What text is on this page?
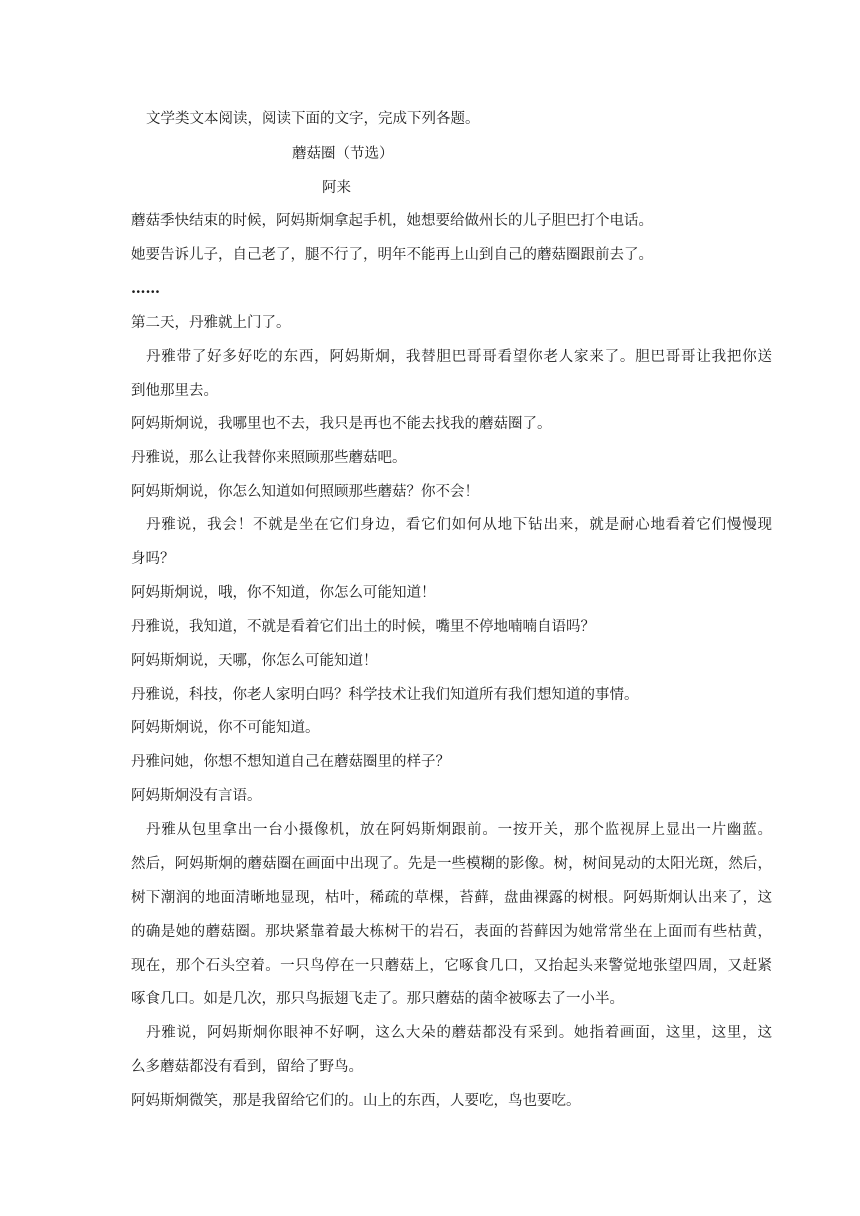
文学类文本阅读，阅读下面的文字，完成下列各题。
蘑菇圈（节选）
阿来
蘑菇季快结束的时候，阿妈斯炯拿起手机，她想要给做州长的儿子胆巴打个电话。
她要告诉儿子，自己老了，腿不行了，明年不能再上山到自己的蘑菇圈跟前去了。
……
第二天，丹雅就上门了。
丹雅带了好多好吃的东西，阿妈斯炯，我替胆巴哥哥看望你老人家来了。胆巴哥哥让我把你送
到他那里去。
阿妈斯炯说，我哪里也不去，我只是再也不能去找我的蘑菇圈了。
丹雅说，那么让我替你来照顾那些蘑菇吧。
阿妈斯炯说，你怎么知道如何照顾那些蘑菇？你不会！
丹雅说，我会！不就是坐在它们身边，看它们如何从地下钻出来，就是耐心地看着它们慢慢现
身吗？
阿妈斯炯说，哦，你不知道，你怎么可能知道！
丹雅说，我知道，不就是看着它们出土的时候，嘴里不停地喃喃自语吗？
阿妈斯炯说，天哪，你怎么可能知道！
丹雅说，科技，你老人家明白吗？科学技术让我们知道所有我们想知道的事情。
阿妈斯炯说，你不可能知道。
丹雅问她，你想不想知道自己在蘑菇圈里的样子？
阿妈斯炯没有言语。
丹雅从包里拿出一台小摄像机，放在阿妈斯炯跟前。一按开关，那个监视屏上显出一片幽蓝。
然后，阿妈斯炯的蘑菇圈在画面中出现了。先是一些模糊的影像。树，树间晃动的太阳光斑，然后，
树下潮润的地面清晰地显现，枯叶，稀疏的草棵，苔藓，盘曲裸露的树根。阿妈斯炯认出来了，这
的确是她的蘑菇圈。那块紧靠着最大栋树干的岩石，表面的苔藓因为她常常坐在上面而有些枯黄，
现在，那个石头空着。一只鸟停在一只蘑菇上，它啄食几口，又抬起头来警觉地张望四周，又赶紧
啄食几口。如是几次，那只鸟振翅飞走了。那只蘑菇的菌伞被啄去了一小半。
丹雅说，阿妈斯炯你眼神不好啊，这么大朵的蘑菇都没有采到。她指着画面，这里，这里，这
么多蘑菇都没有看到，留给了野鸟。
阿妈斯炯微笑，那是我留给它们的。山上的东西，人要吃，鸟也要吃。
